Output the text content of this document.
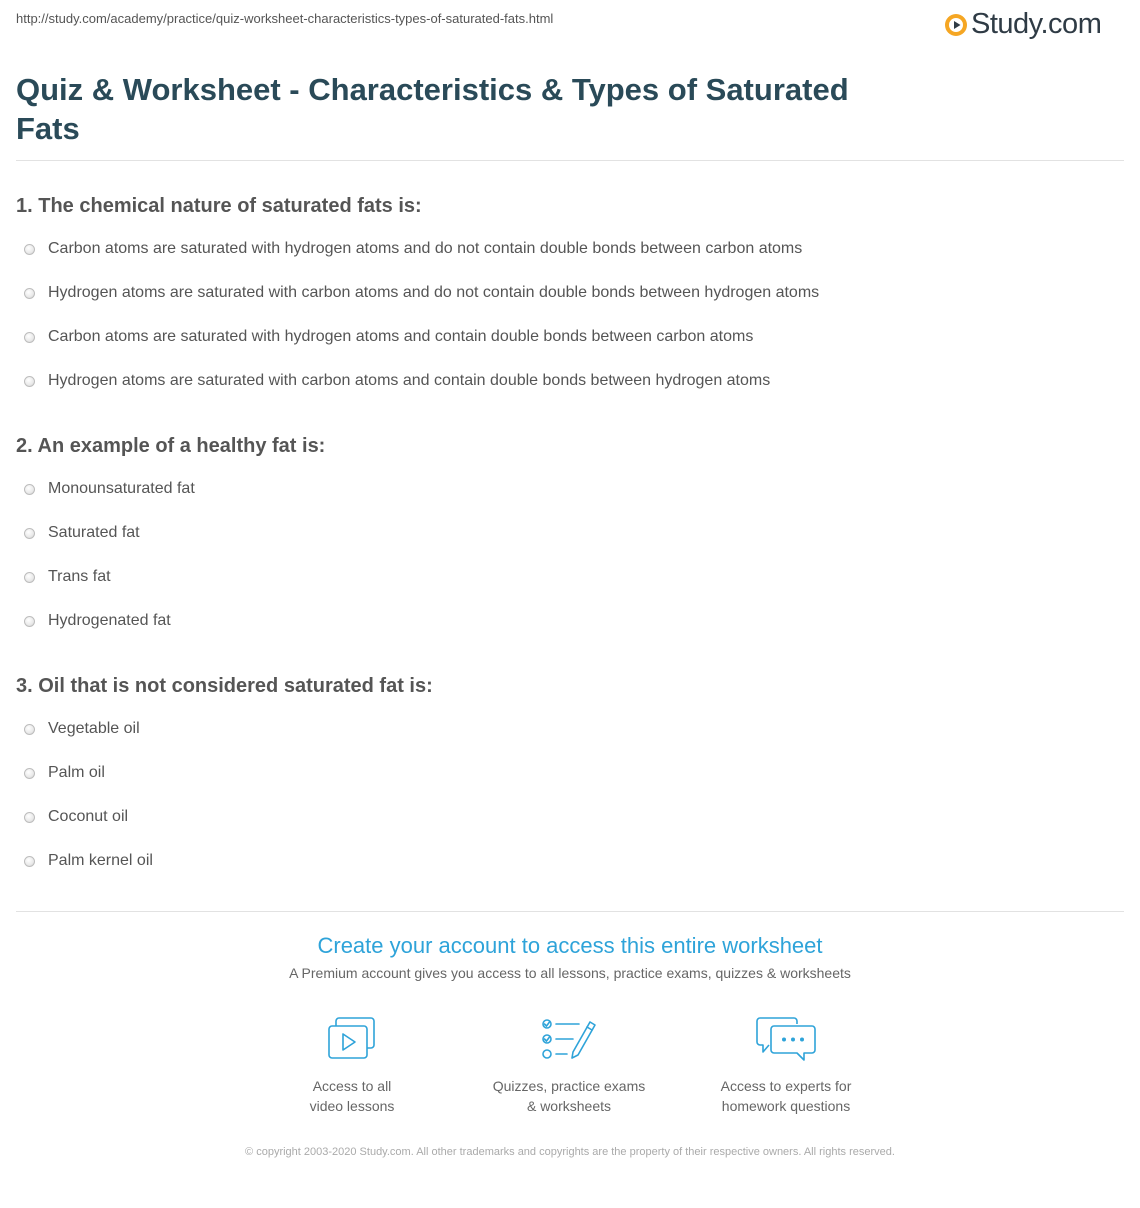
http://study.com/academy/practice/quiz-worksheet-characteristics-types-of-saturated-fats.html	Study.com
Quiz & Worksheet - Characteristics & Types of Saturated Fats
1. The chemical nature of saturated fats is:
Carbon atoms are saturated with hydrogen atoms and do not contain double bonds between carbon atoms
Hydrogen atoms are saturated with carbon atoms and do not contain double bonds between hydrogen atoms
Carbon atoms are saturated with hydrogen atoms and contain double bonds between carbon atoms
Hydrogen atoms are saturated with carbon atoms and contain double bonds between hydrogen atoms
2. An example of a healthy fat is:
Monounsaturated fat
Saturated fat
Trans fat
Hydrogenated fat
3. Oil that is not considered saturated fat is:
Vegetable oil
Palm oil
Coconut oil
Palm kernel oil
Create your account to access this entire worksheet
A Premium account gives you access to all lessons, practice exams, quizzes & worksheets
Access to all
video lessons
Quizzes, practice exams
& worksheets
Access to experts for
homework questions
© copyright 2003-2020 Study.com. All other trademarks and copyrights are the property of their respective owners. All rights reserved.
